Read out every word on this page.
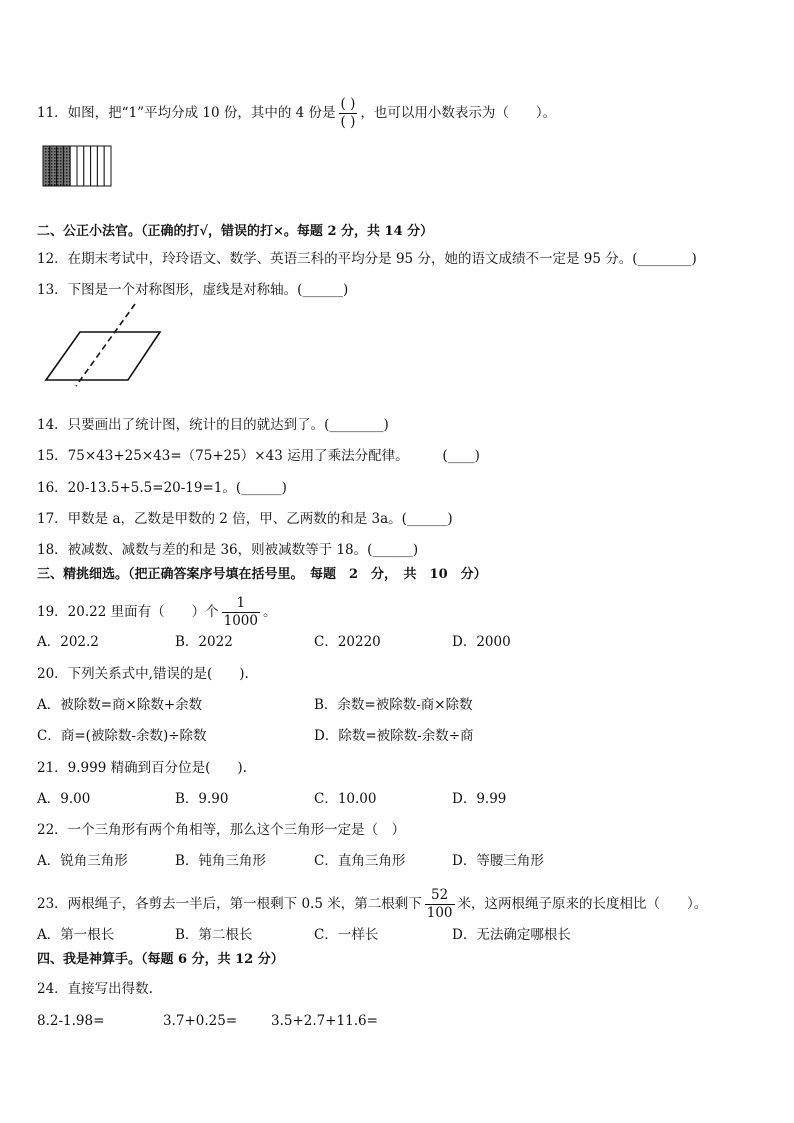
11．如图，把“1”平均分成 10 份，其中的 4 份是 $\frac{( )}{( )}$ ，也可以用小数表示为（　　）。
二、公正小法官。（正确的打√，错误的打×。每题 2 分，共 14 分）
12．在期末考试中，玲玲语文、数学、英语三科的平均分是 95 分，她的语文成绩不一定是 95 分。(________)
13．下图是一个对称图形，虚线是对称轴。(______)
14．只要画出了统计图，统计的目的就达到了。(________)
15．75×43+25×43=（75+25）×43 运用了乘法分配律。　　　(____)
16．20-13.5+5.5=20-19=1。(______)
17．甲数是 a，乙数是甲数的 2 倍，甲、乙两数的和是 3a。(______)
18．被减数、减数与差的和是 36，则被减数等于 18。(______)
三、精挑细选。（把正确答案序号填在括号里。　每题　2　分，　共　10　分）
19．20.22 里面有（　　）个 $\frac{1}{1000}$ 。
A．202.2	B．2022	C．20220	D．2000
20．下列关系式中,错误的是(　　).
A．被除数=商×除数+余数	B．余数=被除数-商×除数
C．商=(被除数-余数)÷除数	D．除数=被除数-余数÷商
21．9.999 精确到百分位是(　　).
A．9.00	B．9.90	C．10.00	D．9.99
22．一个三角形有两个角相等，那么这个三角形一定是（　）
A．锐角三角形	B．钝角三角形	C．直角三角形	D．等腰三角形
23．两根绳子，各剪去一半后，第一根剩下 0.5 米，第二根剩下 $\frac{52}{100}$ 米，这两根绳子原来的长度相比（　　）。
A．第一根长	B．第二根长	C．一样长	D．无法确定哪根长
四、我是神算手。（每题 6 分，共 12 分）
24．直接写出得数.
8.2-1.98=	3.7+0.25=	3.5+2.7+11.6=
